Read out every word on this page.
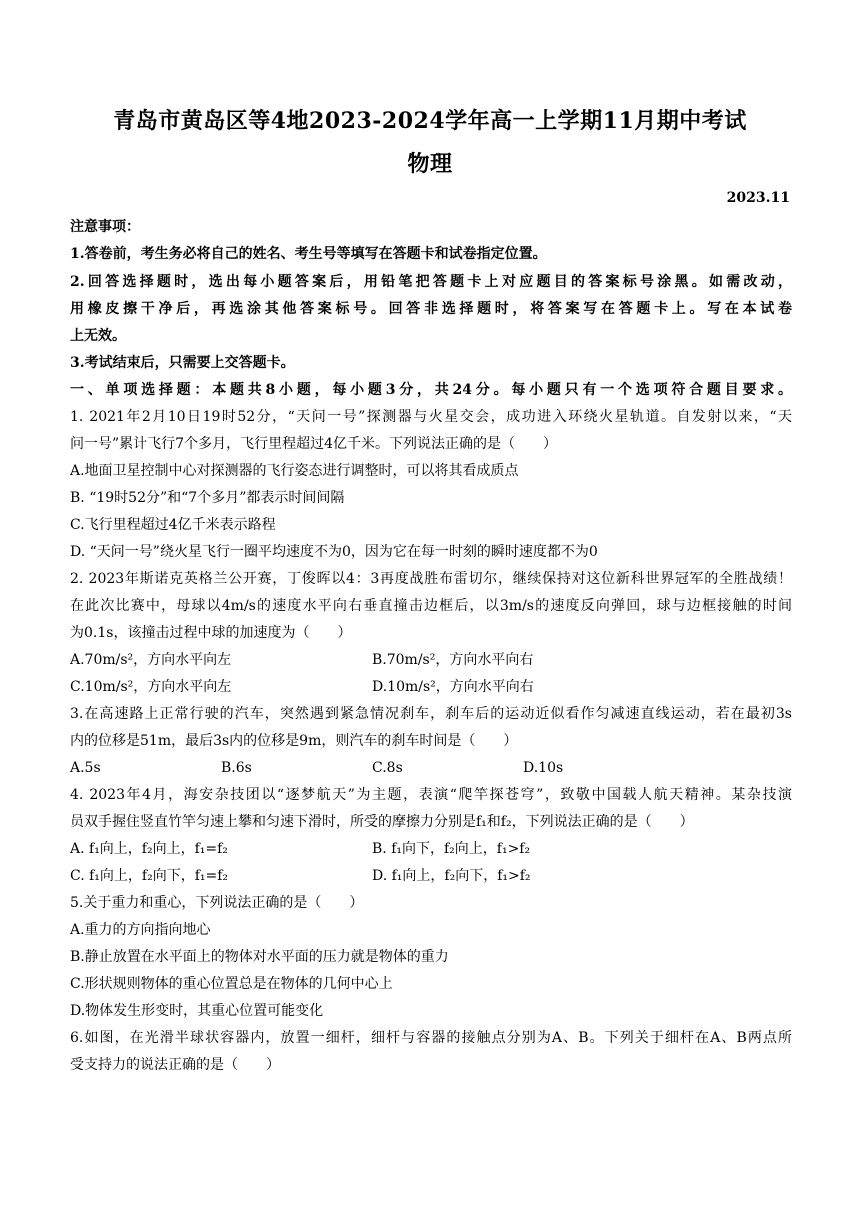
青岛市黄岛区等4地2023-2024学年高一上学期11月期中考试
物理
2023.11
注意事项：
1.答卷前，考生务必将自己的姓名、考生号等填写在答题卡和试卷指定位置。
2.回答选择题时，选出每小题答案后，用铅笔把答题卡上对应题目的答案标号涂黑。如需改动，
用橡皮擦干净后，再选涂其他答案标号。回答非选择题时，将答案写在答题卡上。写在本试卷
上无效。
3.考试结束后，只需要上交答题卡。
一、单项选择题：本题共8小题，每小题3分，共24分。每小题只有一个选项符合题目要求。
1. 2021年2月10日19时52分，“天问一号”探测器与火星交会，成功进入环绕火星轨道。自发射以来，“天
问一号”累计飞行7个多月，飞行里程超过4亿千米。下列说法正确的是（　　）
A.地面卫星控制中心对探测器的飞行姿态进行调整时，可以将其看成质点
B. “19时52分”和“7个多月”都表示时间间隔
C.飞行里程超过4亿千米表示路程
D. “天问一号”绕火星飞行一圈平均速度不为0，因为它在每一时刻的瞬时速度都不为0
2. 2023年斯诺克英格兰公开赛，丁俊晖以4：3再度战胜布雷切尔，继续保持对这位新科世界冠军的全胜战绩！
在此次比赛中，母球以4m/s的速度水平向右垂直撞击边框后，以3m/s的速度反向弹回，球与边框接触的时间
为0.1s，该撞击过程中球的加速度为（　　）
A.70m/s²，方向水平向左	B.70m/s²，方向水平向右
C.10m/s²，方向水平向左	D.10m/s²，方向水平向右
3.在高速路上正常行驶的汽车，突然遇到紧急情况刹车，刹车后的运动近似看作匀减速直线运动，若在最初3s
内的位移是51m，最后3s内的位移是9m，则汽车的刹车时间是（　　）
A.5s	B.6s	C.8s	D.10s
4. 2023年4月，海安杂技团以“逐梦航天”为主题，表演“爬竿探苍穹”，致敬中国载人航天精神。某杂技演
员双手握住竖直竹竿匀速上攀和匀速下滑时，所受的摩擦力分别是f₁和f₂，下列说法正确的是（　　）
A. f₁向上，f₂向上，f₁=f₂	B. f₁向下，f₂向上，f₁>f₂
C. f₁向上，f₂向下，f₁=f₂	D. f₁向上，f₂向下，f₁>f₂
5.关于重力和重心，下列说法正确的是（　　）
A.重力的方向指向地心
B.静止放置在水平面上的物体对水平面的压力就是物体的重力
C.形状规则物体的重心位置总是在物体的几何中心上
D.物体发生形变时，其重心位置可能变化
6.如图，在光滑半球状容器内，放置一细杆，细杆与容器的接触点分别为A、B。下列关于细杆在A、B两点所
受支持力的说法正确的是（　　）
